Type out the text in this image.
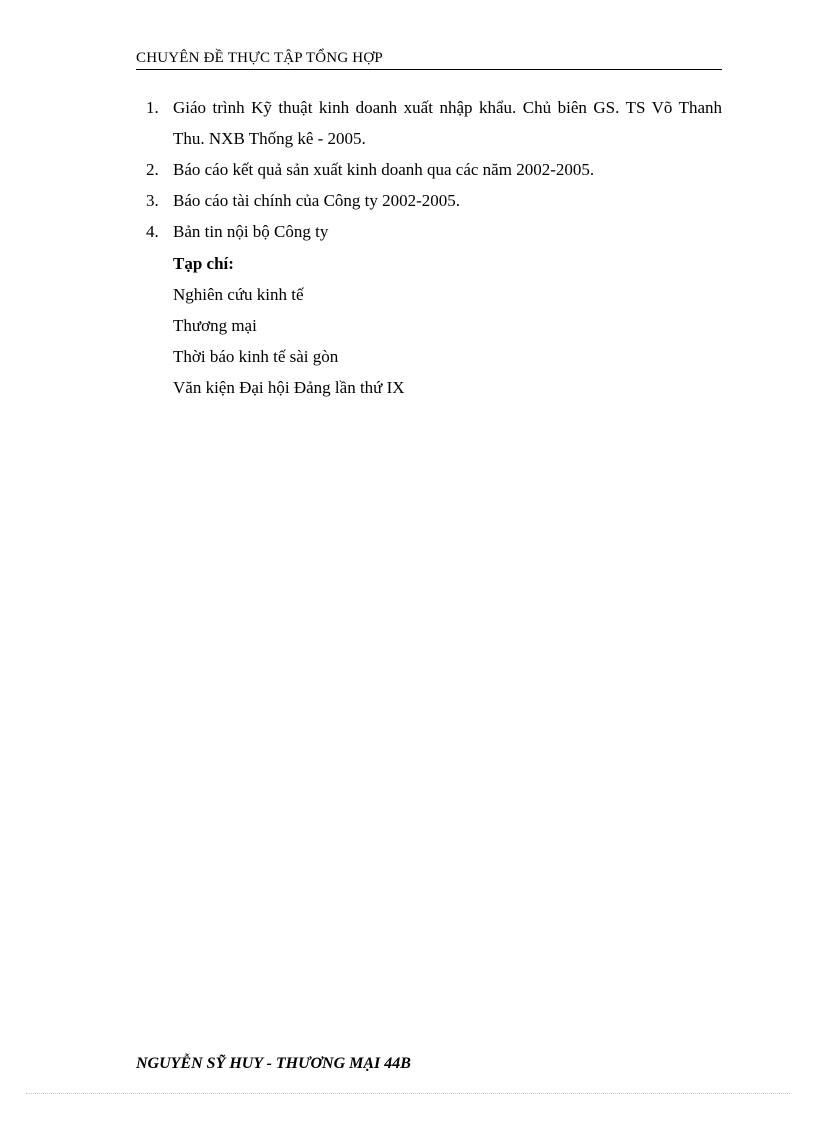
CHUYÊN ĐỀ THỰC TẬP TỔNG HỢP
1. Giáo trình Kỹ thuật kinh doanh xuất nhập khẩu. Chủ biên GS. TS Võ Thanh Thu. NXB Thống kê - 2005.
2. Báo cáo kết quả sản xuất kinh doanh qua các năm 2002-2005.
3. Báo cáo tài chính của Công ty 2002-2005.
4. Bản tin nội bộ Công ty
Tạp chí:
Nghiên cứu kinh tế
Thương mại
Thời báo kinh tế sài gòn
Văn kiện Đại hội Đảng lần thứ IX
NGUYỄN SỸ HUY - THƯƠNG MẠI 44B
